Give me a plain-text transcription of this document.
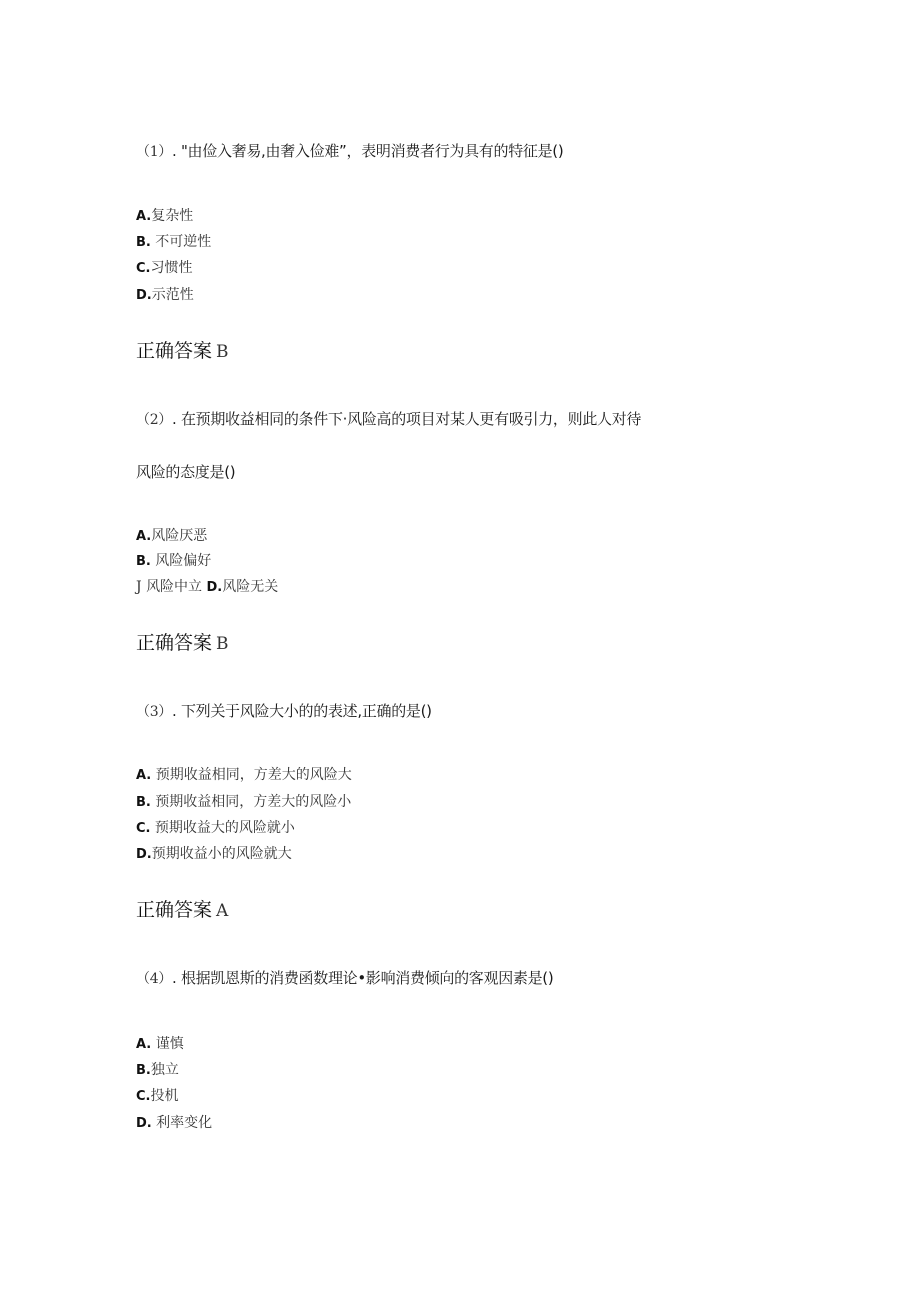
（1）. "由俭入奢易,由奢入俭难”，表明消费者行为具有的特征是()
A.复杂性
B. 不可逆性
C.习惯性
D.示范性
正确答案 B
（2）. 在预期收益相同的条件下·风险高的项目对某人更有吸引力，则此人对待
风险的态度是()
A.风险厌恶
B. 风险偏好
J 风险中立 D.风险无关
正确答案 B
（3）. 下列关于风险大小的的表述,正确的是()
A. 预期收益相同，方差大的风险大
B. 预期收益相同，方差大的风险小
C. 预期收益大的风险就小
D.预期收益小的风险就大
正确答案 A
（4）. 根据凯恩斯的消费函数理论•影响消费倾向的客观因素是()
A. 谨慎
B.独立
C.投机
D. 利率变化
